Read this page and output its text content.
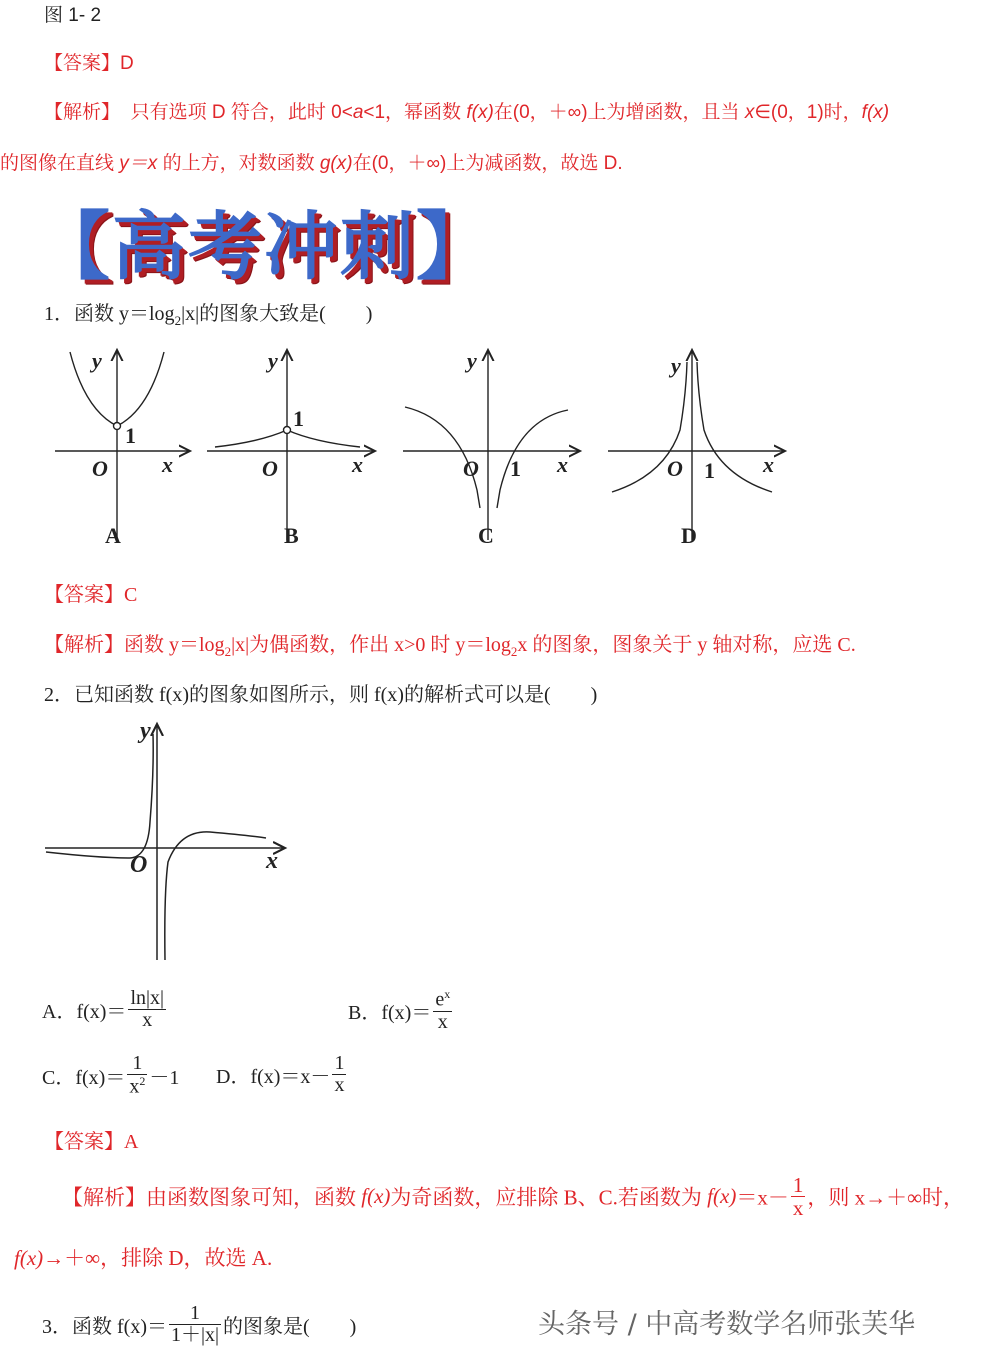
图 1- 2
【答案】D
【解析】 只有选项 D 符合，此时 0<a<1，幂函数 f(x)在(0，＋∞)上为增函数，且当 x∈(0，1)时，f(x)
的图像在直线 y＝x 的上方，对数函数 g(x)在(0，＋∞)上为减函数，故选 D.
【高考冲刺】
1．函数 $y=\log_2|x|$的图象大致是(　　)
y
x
O
y
x
O
y
x
O
y
x
O
1
1
1	1
A	B	C	D
【答案】C
【解析】函数 $y=\log_2|x|$为偶函数，作出 x>0 时 $y=\log_2x$ 的图象，图象关于 y 轴对称，应选 C.
2．已知函数 f(x)的图象如图所示，则 f(x)的解析式可以是(　　)
y
x
O
A．$f(x)= \frac{\ln|x|}{x}$	B．$f(x)= \frac{e^x}{x}$
C．$f(x)= \frac{1}{x^2} -1$ D．$f(x)=x- \frac{1}{x}$
【答案】A
【解析】由函数图象可知，函数 f(x)为奇函数，应排除 B、C.若函数为 $f(x)=x- \frac{1}{x}$ ，则 x→＋∞时，
f(x)→＋∞，排除 D，故选 A.
3．函数 $f(x)= \frac{1}{1+|x|}$ 的图象是(　　)	头条号 / 中高考数学名师张芙华
